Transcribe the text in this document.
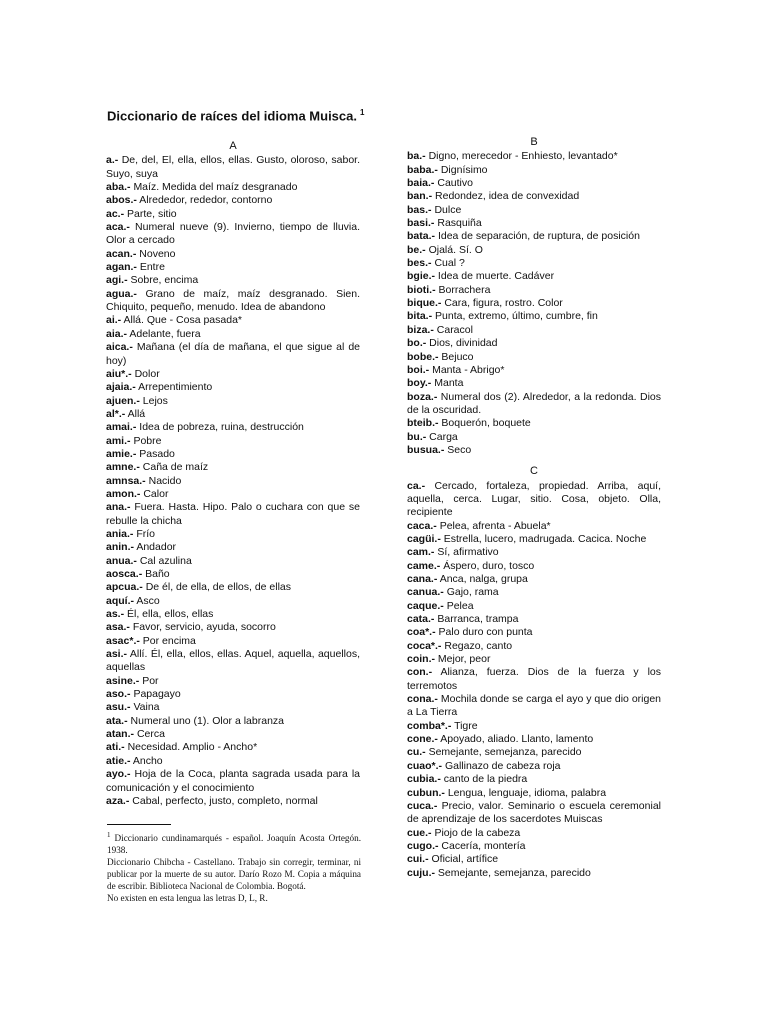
Diccionario de raíces del idioma Muisca. $^1$
A

a.- De, del, El, ella, ellos, ellas. Gusto, oloroso, sabor. Suyo, suya

aba.- Maíz. Medida del maíz desgranado

abos.- Alrededor, rededor, contorno

ac.- Parte, sitio

aca.- Numeral nueve (9). Invierno, tiempo de lluvia. Olor a cercado

acan.- Noveno

agan.- Entre

agi.- Sobre, encima

agua.- Grano de maíz, maíz desgranado. Sien. Chiquito, pequeño, menudo. Idea de abandono

ai.- Allá. Que - Cosa pasada*

aia.- Adelante, fuera

aica.- Mañana (el día de mañana, el que sigue al de hoy)

aiu*.- Dolor

ajaia.- Arrepentimiento

ajuen.- Lejos

al*.- Allá

amai.- Idea de pobreza, ruina, destrucción

ami.- Pobre

amie.- Pasado

amne.- Caña de maíz

amnsa.- Nacido

amon.- Calor

ana.- Fuera. Hasta. Hipo. Palo o cuchara con que se rebulle la chicha

ania.- Frío

anin.- Andador

anua.- Cal azulina

aosca.- Baño

apcua.- De él, de ella, de ellos, de ellas

aquí.- Asco

as.- Él, ella, ellos, ellas

asa.- Favor, servicio, ayuda, socorro

asac*.- Por encima

asi.- Allí. Él, ella, ellos, ellas. Aquel, aquella, aquellos, aquellas

asine.- Por

aso.- Papagayo

asu.- Vaina

ata.- Numeral uno (1). Olor a labranza

atan.- Cerca

ati.- Necesidad. Amplio - Ancho*

atie.- Ancho

ayo.- Hoja de la Coca, planta sagrada usada para la comunicación y el conocimiento

aza.- Cabal, perfecto, justo, completo, normal

B

ba.- Digno, merecedor - Enhiesto, levantado*

baba.- Dignísimo

baia.- Cautivo

ban.- Redondez, idea de convexidad

bas.- Dulce

basi.- Rasquiña

bata.- Idea de separación, de ruptura, de posición

be.- Ojalá. Sí. O

bes.- Cual ?

bgie.- Idea de muerte. Cadáver

bioti.- Borrachera

bique.- Cara, figura, rostro. Color

bita.- Punta, extremo, último, cumbre, fin

biza.- Caracol

bo.- Dios, divinidad

bobe.- Bejuco

boi.- Manta - Abrigo*

boy.- Manta

boza.- Numeral dos (2). Alrededor, a la redonda. Dios de la oscuridad.

bteib.- Boquerón, boquete

bu.- Carga

busua.- Seco

C

ca.- Cercado, fortaleza, propiedad. Arriba, aquí, aquella, cerca. Lugar, sitio. Cosa, objeto. Olla, recipiente

caca.- Pelea, afrenta - Abuela*

cagüi.- Estrella, lucero, madrugada. Cacica. Noche

cam.- Sí, afirmativo

came.- Áspero, duro, tosco

cana.- Anca, nalga, grupa

canua.- Gajo, rama

caque.- Pelea

cata.- Barranca, trampa

coa*.- Palo duro con punta

coca*.- Regazo, canto

coin.- Mejor, peor

con.- Alianza, fuerza. Dios de la fuerza y los terremotos

cona.- Mochila donde se carga el ayo y que dio origen a La Tierra

comba*.- Tigre

cone.- Apoyado, aliado. Llanto, lamento

cu.- Semejante, semejanza, parecido

cuao*.- Gallinazo de cabeza roja

cubia.- canto de la piedra

cubun.- Lengua, lenguaje, idioma, palabra

cuca.- Precio, valor. Seminario o escuela ceremonial de aprendizaje de los sacerdotes Muiscas

cue.- Piojo de la cabeza

cugo.- Cacería, montería

cui.- Oficial, artífice

cuju.- Semejante, semejanza, parecido

$^1$ Diccionario cundinamarqués - español. Joaquín Acosta Ortegón. 1938.

Diccionario Chibcha - Castellano. Trabajo sin corregir, terminar, ni publicar por la muerte de su autor. Darío Rozo M. Copia a máquina de escribir. Biblioteca Nacional de Colombia. Bogotá.

No existen en esta lengua las letras D, L, R.
